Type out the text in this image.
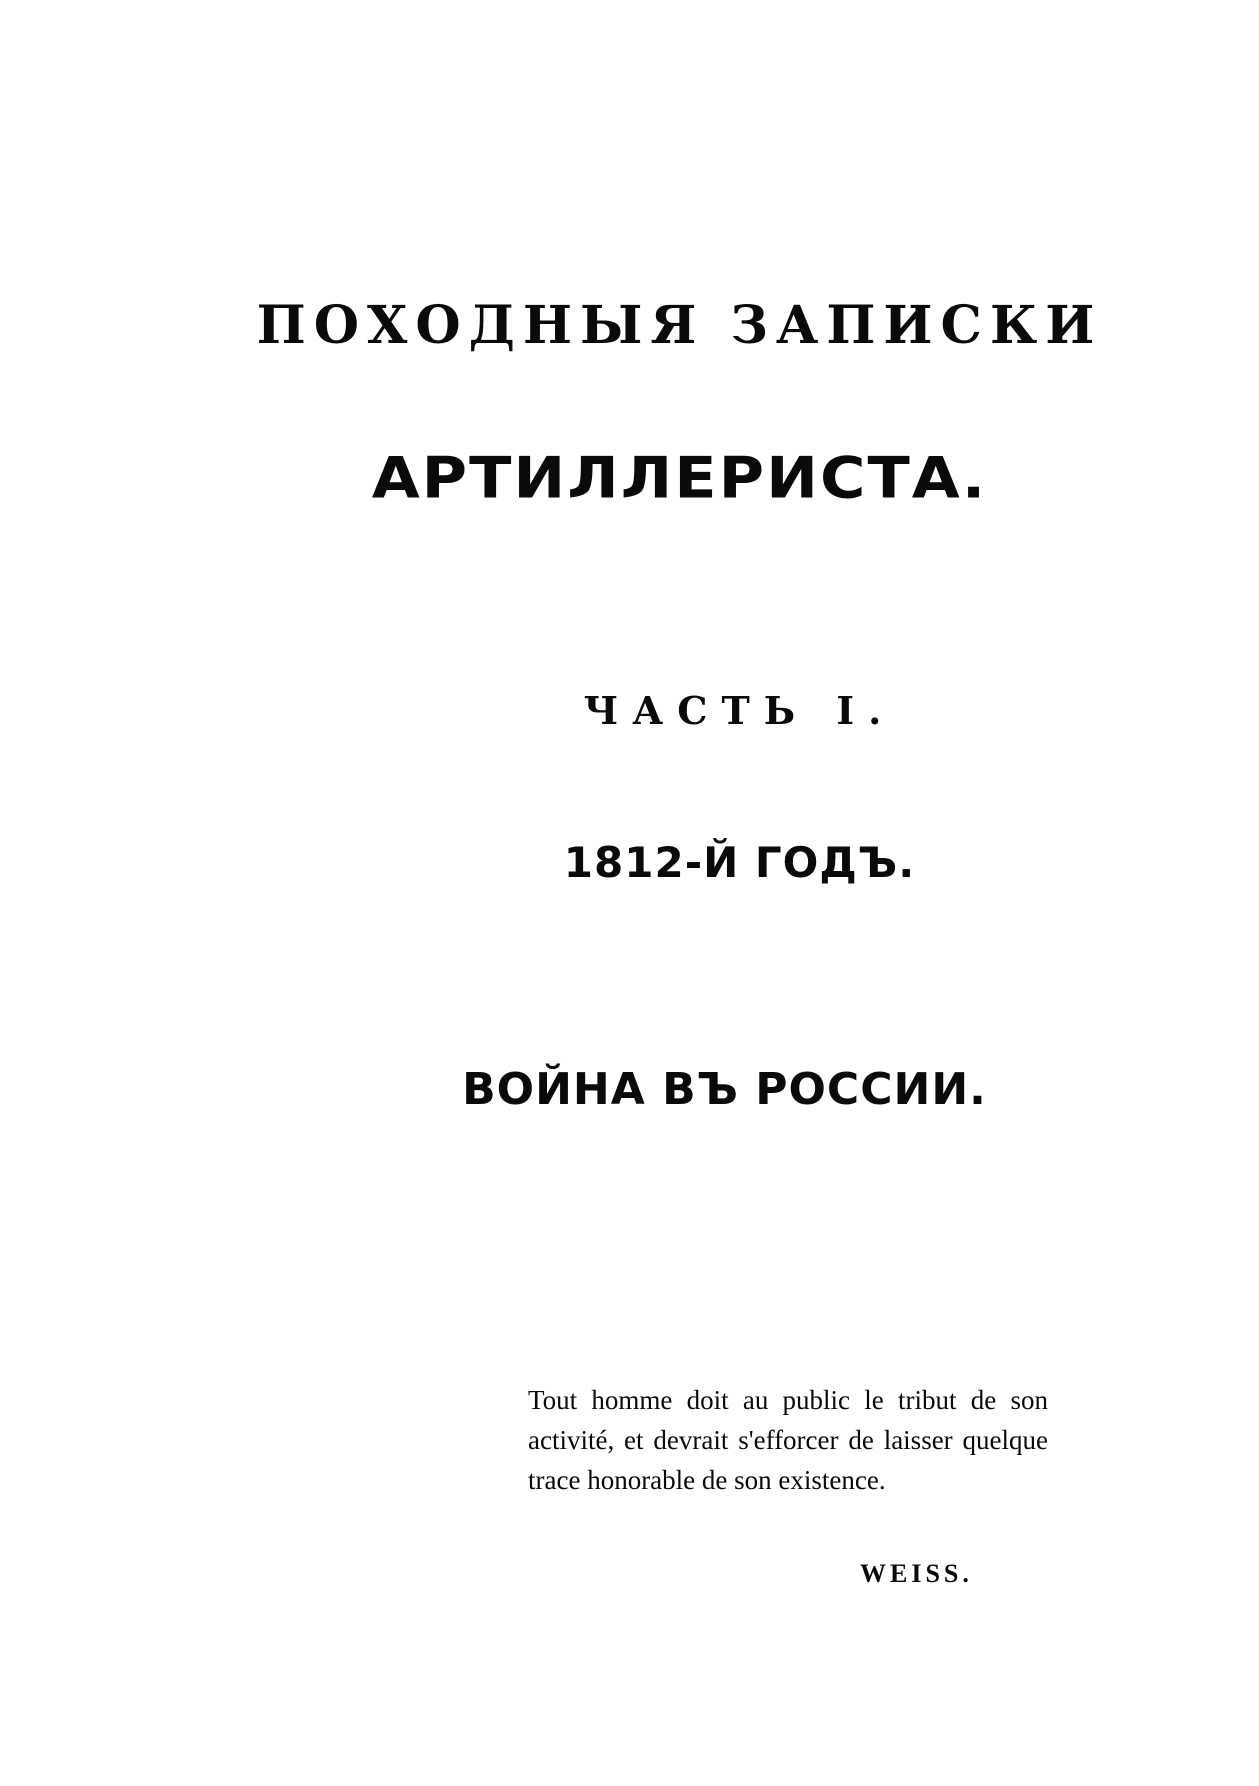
ПОХОДНЫЯ ЗАПИСКИ
АРТИЛЛЕРИСТА.
ЧАСТЬ I.
1812-Й ГОДЪ.
ВОЙНА ВЪ РОССИИ.
Tout homme doit au public le tribut de son activité, et devrait s'efforcer de laisser quelque trace honorable de son existence.
WEISS.
